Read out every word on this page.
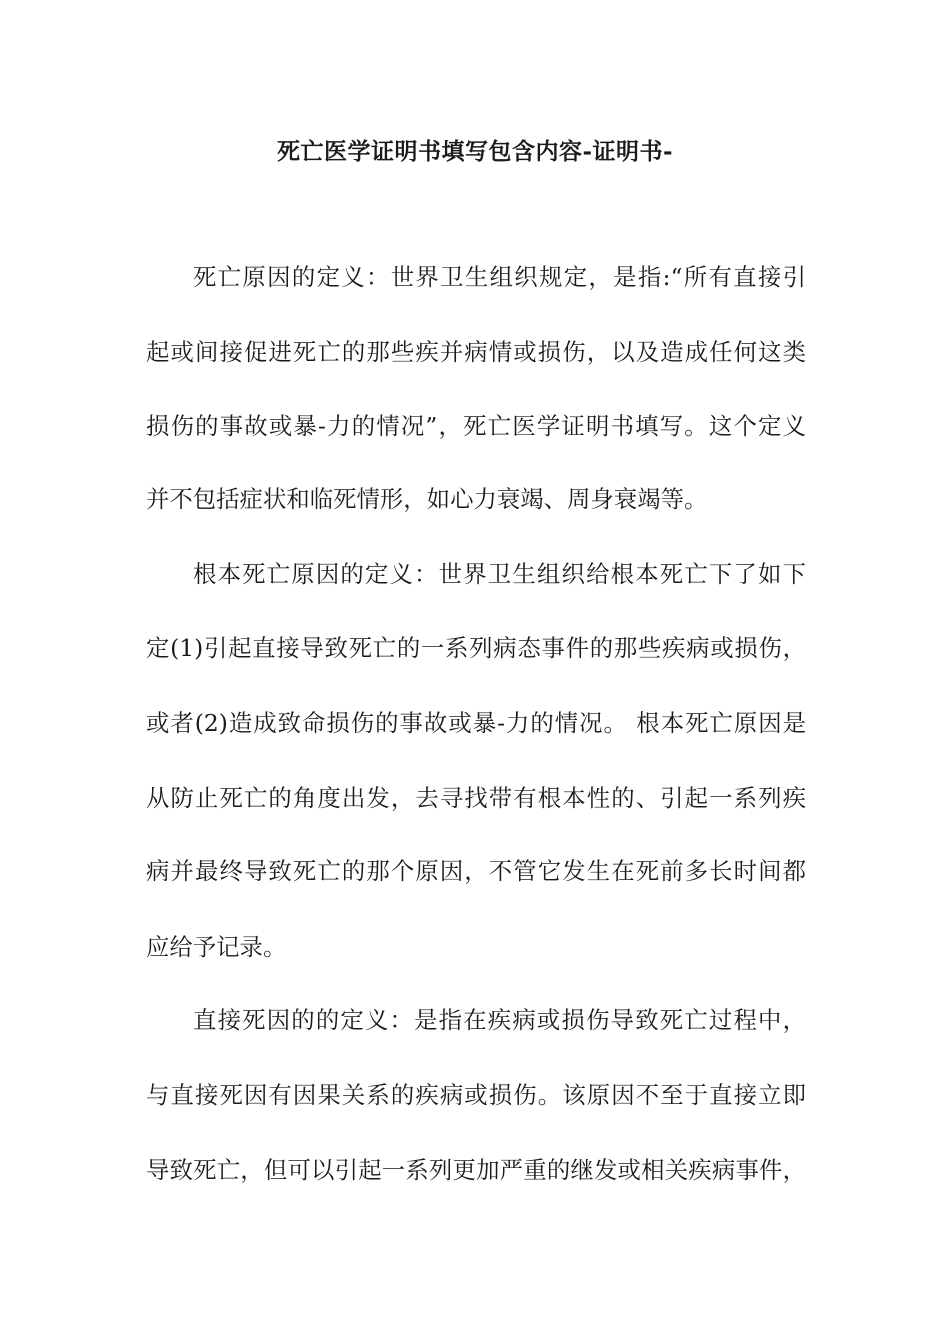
死亡医学证明书填写包含内容-证明书-
死亡原因的定义：世界卫生组织规定，是指:“所有直接引
起或间接促进死亡的那些疾并病情或损伤，以及造成任何这类
损伤的事故或暴-力的情况”，死亡医学证明书填写。这个定义
并不包括症状和临死情形，如心力衰竭、周身衰竭等。
根本死亡原因的定义：世界卫生组织给根本死亡下了如下
定(1)引起直接导致死亡的一系列病态事件的那些疾病或损伤，
或者(2)造成致命损伤的事故或暴-力的情况。 根本死亡原因是
从防止死亡的角度出发，去寻找带有根本性的、引起一系列疾
病并最终导致死亡的那个原因，不管它发生在死前多长时间都
应给予记录。
直接死因的的定义：是指在疾病或损伤导致死亡过程中，
与直接死因有因果关系的疾病或损伤。该原因不至于直接立即
导致死亡，但可以引起一系列更加严重的继发或相关疾病事件，
